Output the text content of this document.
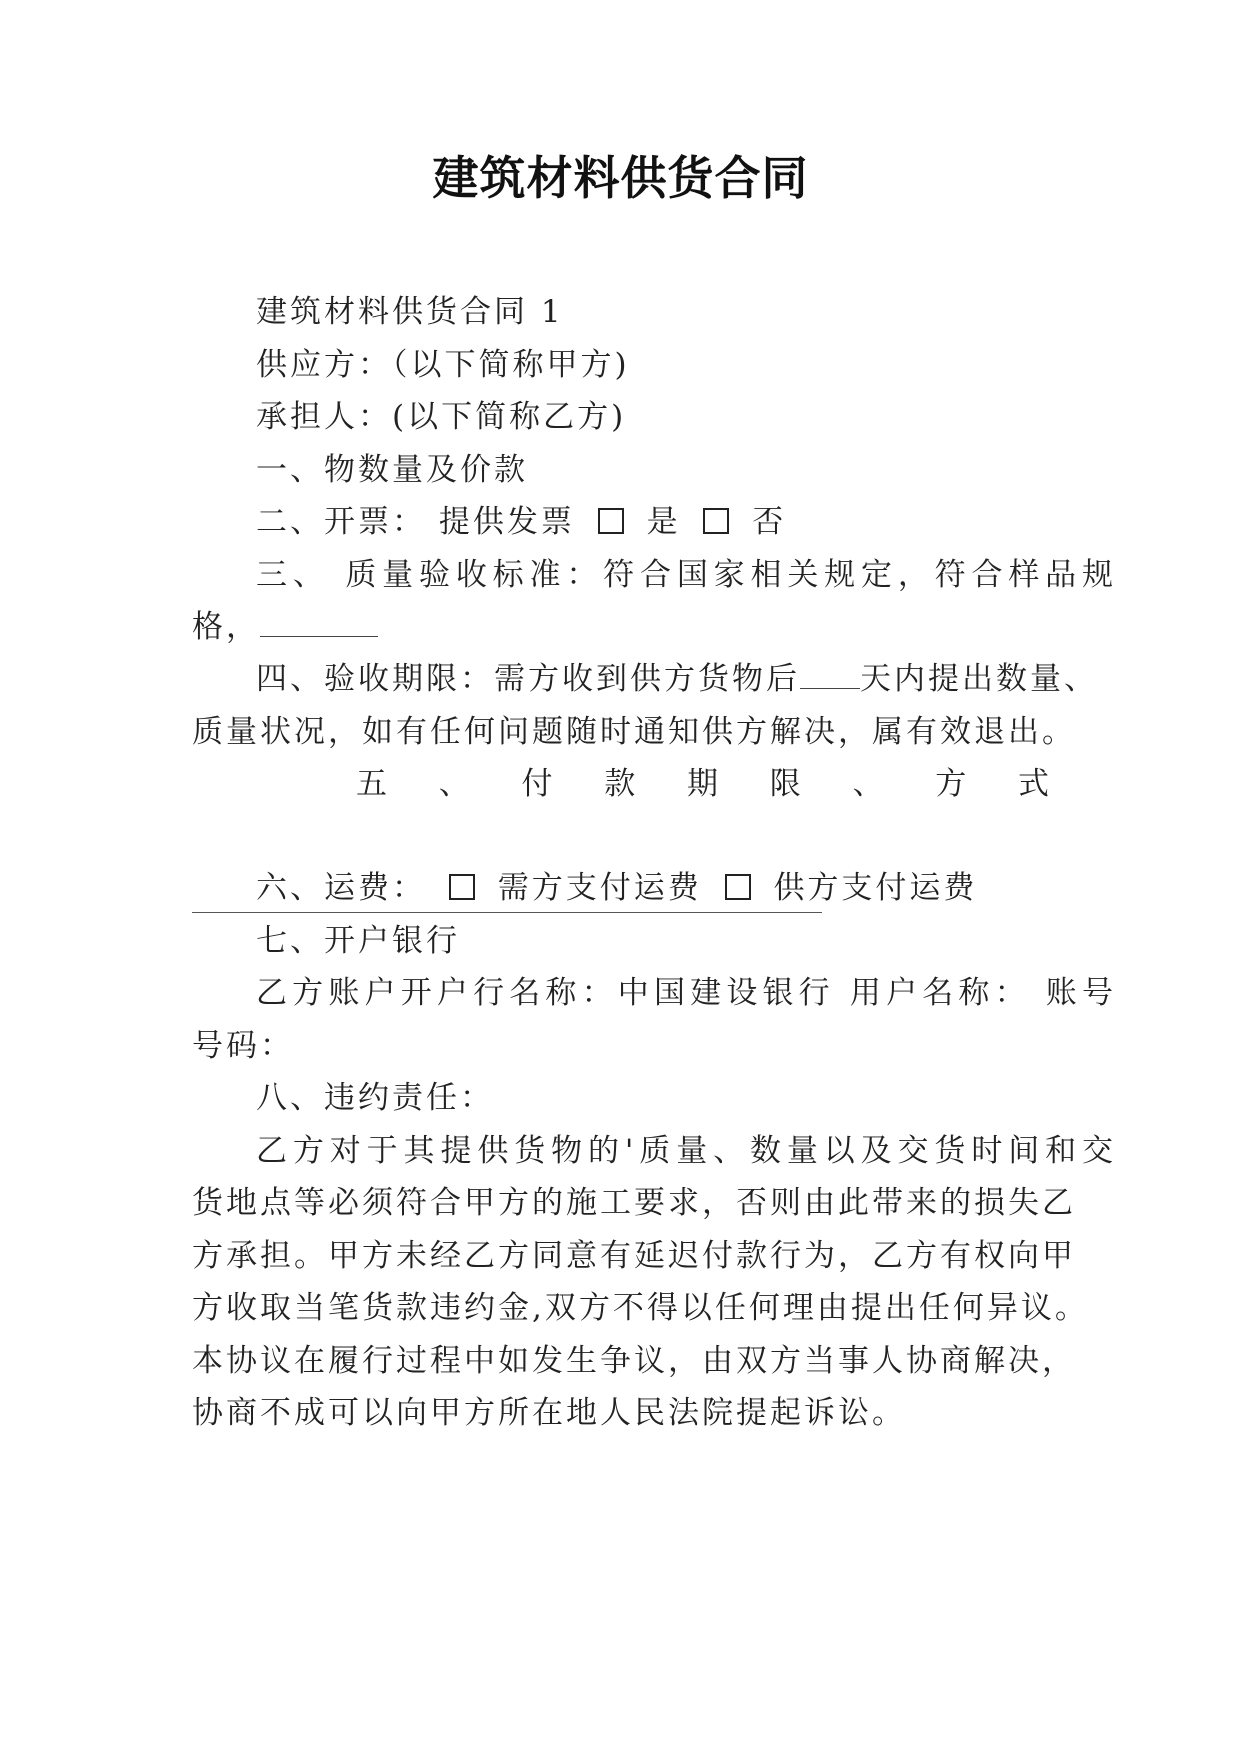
建筑材料供货合同
建筑材料供货合同 1
供应方：（以下简称甲方)
承担人：(以下简称乙方)
一、物数量及价款
二、开票： 提供发票 是 否
三、 质量验收标准：符合国家相关规定，符合样品规
格，
四、验收期限：需方收到供方货物后 天内提出数量、
质量状况，如有任何问题随时通知供方解决，属有效退出。
五 、 付 款 期 限 、 方 式
六、运费： 需方支付运费 供方支付运费
七、开户银行
乙方账户开户行名称：中国建设银行 用户名称： 账号
号码：
八、违约责任：
乙方对于其提供货物的'质量、数量以及交货时间和交
货地点等必须符合甲方的施工要求，否则由此带来的损失乙
方承担。甲方未经乙方同意有延迟付款行为，乙方有权向甲
方收取当笔货款违约金,双方不得以任何理由提出任何异议。
本协议在履行过程中如发生争议，由双方当事人协商解决，
协商不成可以向甲方所在地人民法院提起诉讼。
